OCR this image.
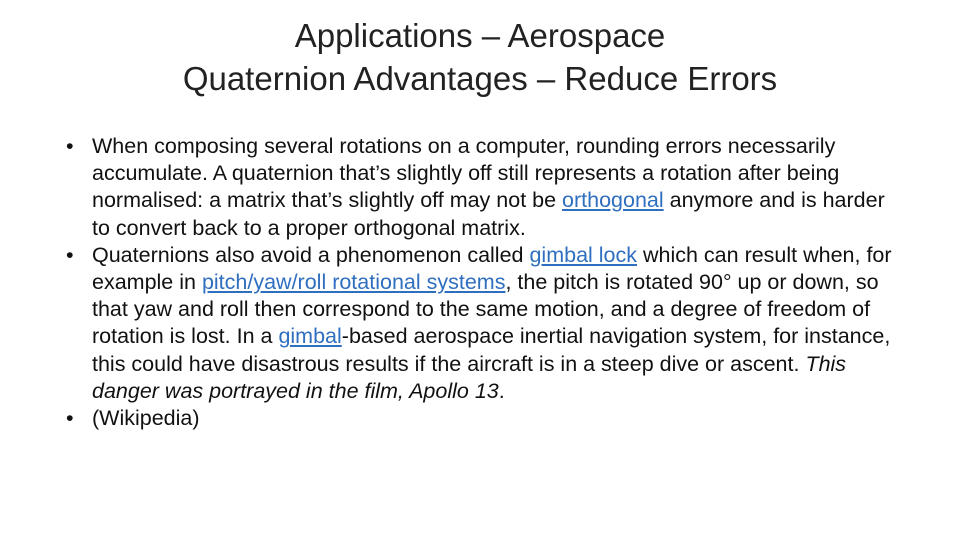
Applications – Aerospace
Quaternion Advantages – Reduce Errors
• When composing several rotations on a computer, rounding errors necessarily accumulate. A quaternion that’s slightly off still represents a rotation after being normalised: a matrix that’s slightly off may not be orthogonal anymore and is harder to convert back to a proper orthogonal matrix.
• Quaternions also avoid a phenomenon called gimbal lock which can result when, for example in pitch/yaw/roll rotational systems, the pitch is rotated 90° up or down, so that yaw and roll then correspond to the same motion, and a degree of freedom of rotation is lost. In a gimbal-based aerospace inertial navigation system, for instance, this could have disastrous results if the aircraft is in a steep dive or ascent. This danger was portrayed in the film, Apollo 13.
• (Wikipedia)
